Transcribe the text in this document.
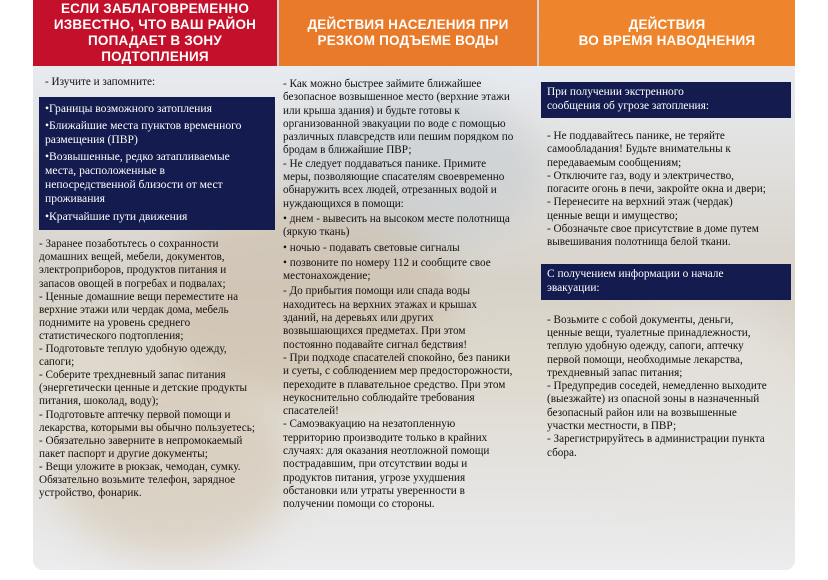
ЕСЛИ ЗАБЛАГОВРЕМЕННО
ИЗВЕСТНО, ЧТО ВАШ РАЙОН
ПОПАДАЕТ В ЗОНУ
ПОДТОПЛЕНИЯ
ДЕЙСТВИЯ НАСЕЛЕНИЯ ПРИ
РЕЗКОМ ПОДЪЕМЕ ВОДЫ
ДЕЙСТВИЯ
ВО ВРЕМЯ НАВОДНЕНИЯ
- Изучите и запомните:
•Границы возможного затопления
•Ближайшие места пунктов временного
размещения (ПВР)
•Возвышенные, редко затапливаемые
места, расположенные в
непосредственной близости от мест
проживания
•Кратчайшие пути движения
- Заранее позаботьтесь о сохранности
домашних вещей, мебели, документов,
электроприборов, продуктов питания и
запасов овощей в погребах и подвалах;
- Ценные домашние вещи переместите на
верхние этажи или чердак дома, мебель
поднимите на уровень среднего
статистического подтопления;
- Подготовьте теплую удобную одежду,
сапоги;
- Соберите трехдневный запас питания
(энергетически ценные и детские продукты
питания, шоколад, воду);
- Подготовьте аптечку первой помощи и
лекарства, которыми вы обычно пользуетесь;
- Обязательно заверните в непромокаемый
пакет паспорт и другие документы;
- Вещи уложите в рюкзак, чемодан, сумку.
Обязательно возьмите телефон, зарядное
устройство, фонарик.
- Как можно быстрее займите ближайшее
безопасное возвышенное место (верхние этажи
или крыша здания) и будьте готовы к
организованной эвакуации по воде с помощью
различных плавсредств или пешим порядком по
бродам в ближайшие ПВР;
- Не следует поддаваться панике. Примите
меры, позволяющие спасателям своевременно
обнаружить всех людей, отрезанных водой и
нуждающихся в помощи:
• днем - вывесить на высоком месте полотнища
(яркую ткань)
• ночью - подавать световые сигналы
• позвоните по номеру 112 и сообщите свое
местонахождение;
- До прибытия помощи или спада воды
находитесь на верхних этажах и крышах
зданий, на деревьях или других
возвышающихся предметах. При этом
постоянно подавайте сигнал бедствия!
- При подходе спасателей спокойно, без паники
и суеты, с соблюдением мер предосторожности,
переходите в плавательное средство. При этом
неукоснительно соблюдайте требования
спасателей!
- Самоэвакуацию на незатопленную
территорию производите только в крайних
случаях: для оказания неотложной помощи
пострадавшим, при отсутствии воды и
продуктов питания, угрозе ухудшения
обстановки или утраты уверенности в
получении помощи со стороны.
При получении экстренного
сообщения об угрозе затопления:
- Не поддавайтесь панике, не теряйте
самообладания! Будьте внимательны к
передаваемым сообщениям;
- Отключите газ, воду и электричество,
погасите огонь в печи, закройте окна и двери;
- Перенесите на верхний этаж (чердак)
ценные вещи и имущество;
- Обозначьте свое присутствие в доме путем
вывешивания полотнища белой ткани.
С получением информации о начале
эвакуации:
- Возьмите с собой документы, деньги,
ценные вещи, туалетные принадлежности,
теплую удобную одежду, сапоги, аптечку
первой помощи, необходимые лекарства,
трехдневный запас питания;
- Предупредив соседей, немедленно выходите
(выезжайте) из опасной зоны в назначенный
безопасный район или на возвышенные
участки местности, в ПВР;
- Зарегистрируйтесь в администрации пункта
сбора.
